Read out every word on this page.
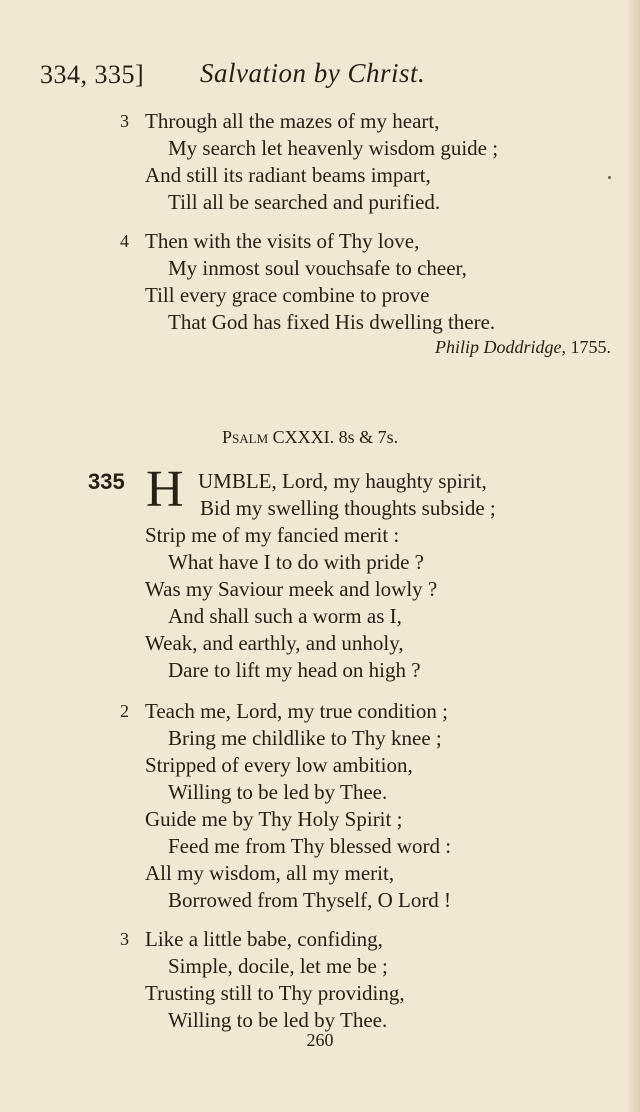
334, 335] Salvation by Christ.
3 Through all the mazes of my heart,
My search let heavenly wisdom guide ;
And still its radiant beams impart,
Till all be searched and purified.
4 Then with the visits of Thy love,
My inmost soul vouchsafe to cheer,
Till every grace combine to prove
That God has fixed His dwelling there.
Philip Doddridge, 1755.
Psalm CXXXI. 8s & 7s.
335 H UMBLE, Lord, my haughty spirit,
Bid my swelling thoughts subside ;
Strip me of my fancied merit :
What have I to do with pride ?
Was my Saviour meek and lowly ?
And shall such a worm as I,
Weak, and earthly, and unholy,
Dare to lift my head on high ?
2 Teach me, Lord, my true condition ;
Bring me childlike to Thy knee ;
Stripped of every low ambition,
Willing to be led by Thee.
Guide me by Thy Holy Spirit ;
Feed me from Thy blessed word :
All my wisdom, all my merit,
Borrowed from Thyself, O Lord !
3 Like a little babe, confiding,
Simple, docile, let me be ;
Trusting still to Thy providing,
Willing to be led by Thee.
260
